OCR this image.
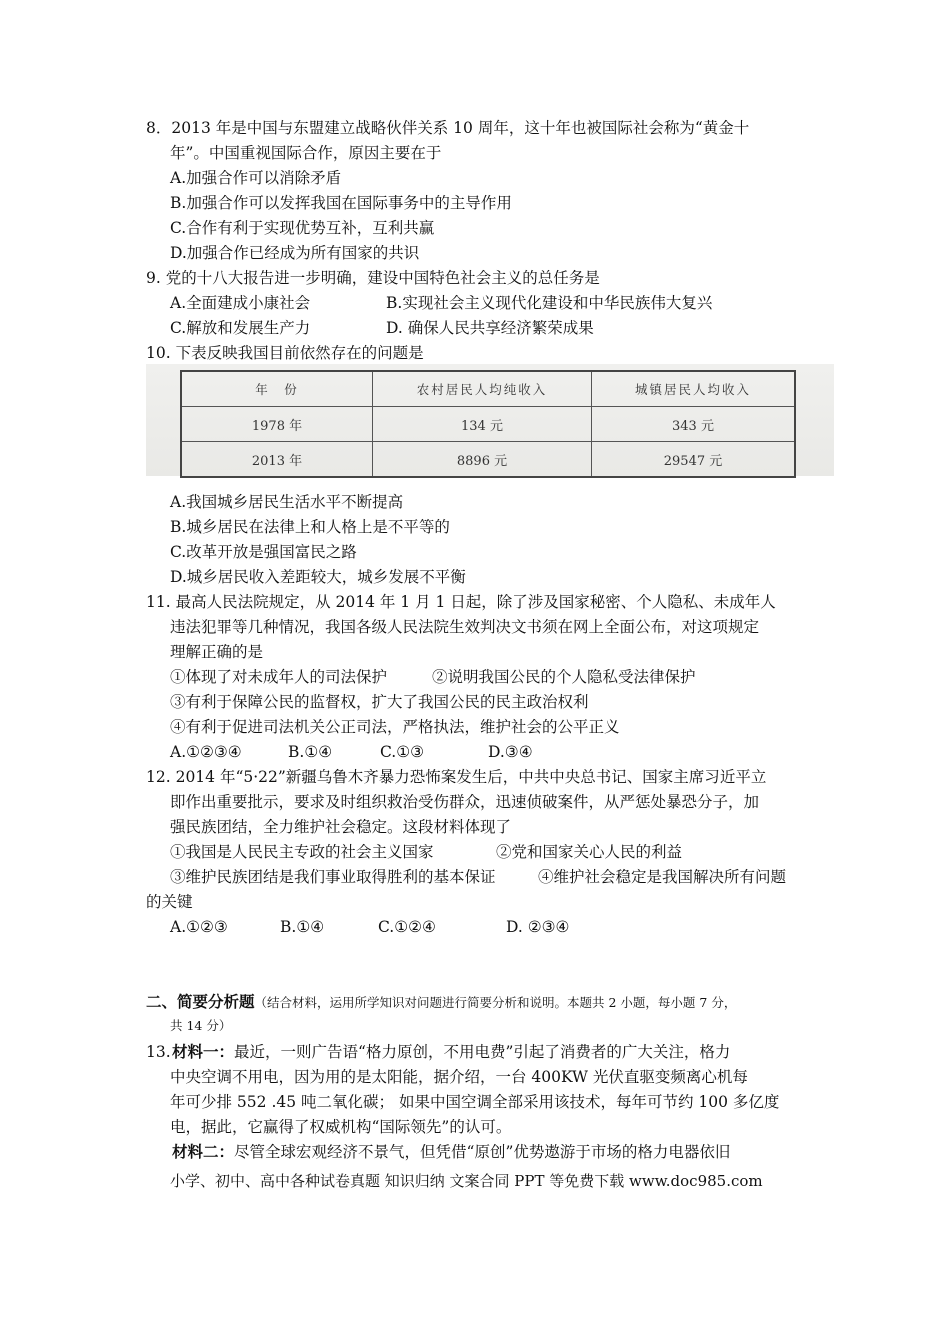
8．2013 年是中国与东盟建立战略伙伴关系 10 周年，这十年也被国际社会称为“黄金十
年”。中国重视国际合作，原因主要在于
A.加强合作可以消除矛盾
B.加强合作可以发挥我国在国际事务中的主导作用
C.合作有利于实现优势互补，互利共赢
D.加强合作已经成为所有国家的共识
9. 党的十八大报告进一步明确，建设中国特色社会主义的总任务是
A.全面建成小康社会	B.实现社会主义现代化建设和中华民族伟大复兴
C.解放和发展生产力	D. 确保人民共享经济繁荣成果
10. 下表反映我国目前依然存在的问题是
年　份	农村居民人均纯收入	城镇居民人均收入
1978 年	134 元	343 元
2013 年	8896 元	29547 元
A.我国城乡居民生活水平不断提高
B.城乡居民在法律上和人格上是不平等的
C.改革开放是强国富民之路
D.城乡居民收入差距较大，城乡发展不平衡
11. 最高人民法院规定，从 2014 年 1 月 1 日起，除了涉及国家秘密、个人隐私、未成年人
违法犯罪等几种情况，我国各级人民法院生效判决文书须在网上全面公布，对这项规定
理解正确的是
①体现了对未成年人的司法保护	②说明我国公民的个人隐私受法律保护
③有利于保障公民的监督权，扩大了我国公民的民主政治权利
④有利于促进司法机关公正司法，严格执法，维护社会的公平正义
A.①②③④	B.①④	C.①③	D.③④
12. 2014 年“5·22”新疆乌鲁木齐暴力恐怖案发生后，中共中央总书记、国家主席习近平立
即作出重要批示，要求及时组织救治受伤群众，迅速侦破案件，从严惩处暴恐分子，加
强民族团结，全力维护社会稳定。这段材料体现了
①我国是人民民主专政的社会主义国家	②党和国家关心人民的利益
③维护民族团结是我们事业取得胜利的基本保证	④维护社会稳定是我国解决所有问题
的关键
A.①②③	B.①④	C.①②④	D. ②③④
二、简要分析题（结合材料，运用所学知识对问题进行简要分析和说明。本题共 2 小题，每小题 7 分，
共 14 分）
13. 材料一：最近，一则广告语“格力原创，不用电费”引起了消费者的广大关注，格力
中央空调不用电，因为用的是太阳能，据介绍，一台 400KW 光伏直驱变频离心机每
年可少排 552 .45 吨二氧化碳； 如果中国空调全部采用该技术，每年可节约 100 多亿度
电，据此，它赢得了权威机构“国际领先”的认可。
材料二：尽管全球宏观经济不景气，但凭借“原创”优势遨游于市场的格力电器依旧
小学、初中、高中各种试卷真题 知识归纳 文案合同 PPT 等免费下载 www.doc985.com
